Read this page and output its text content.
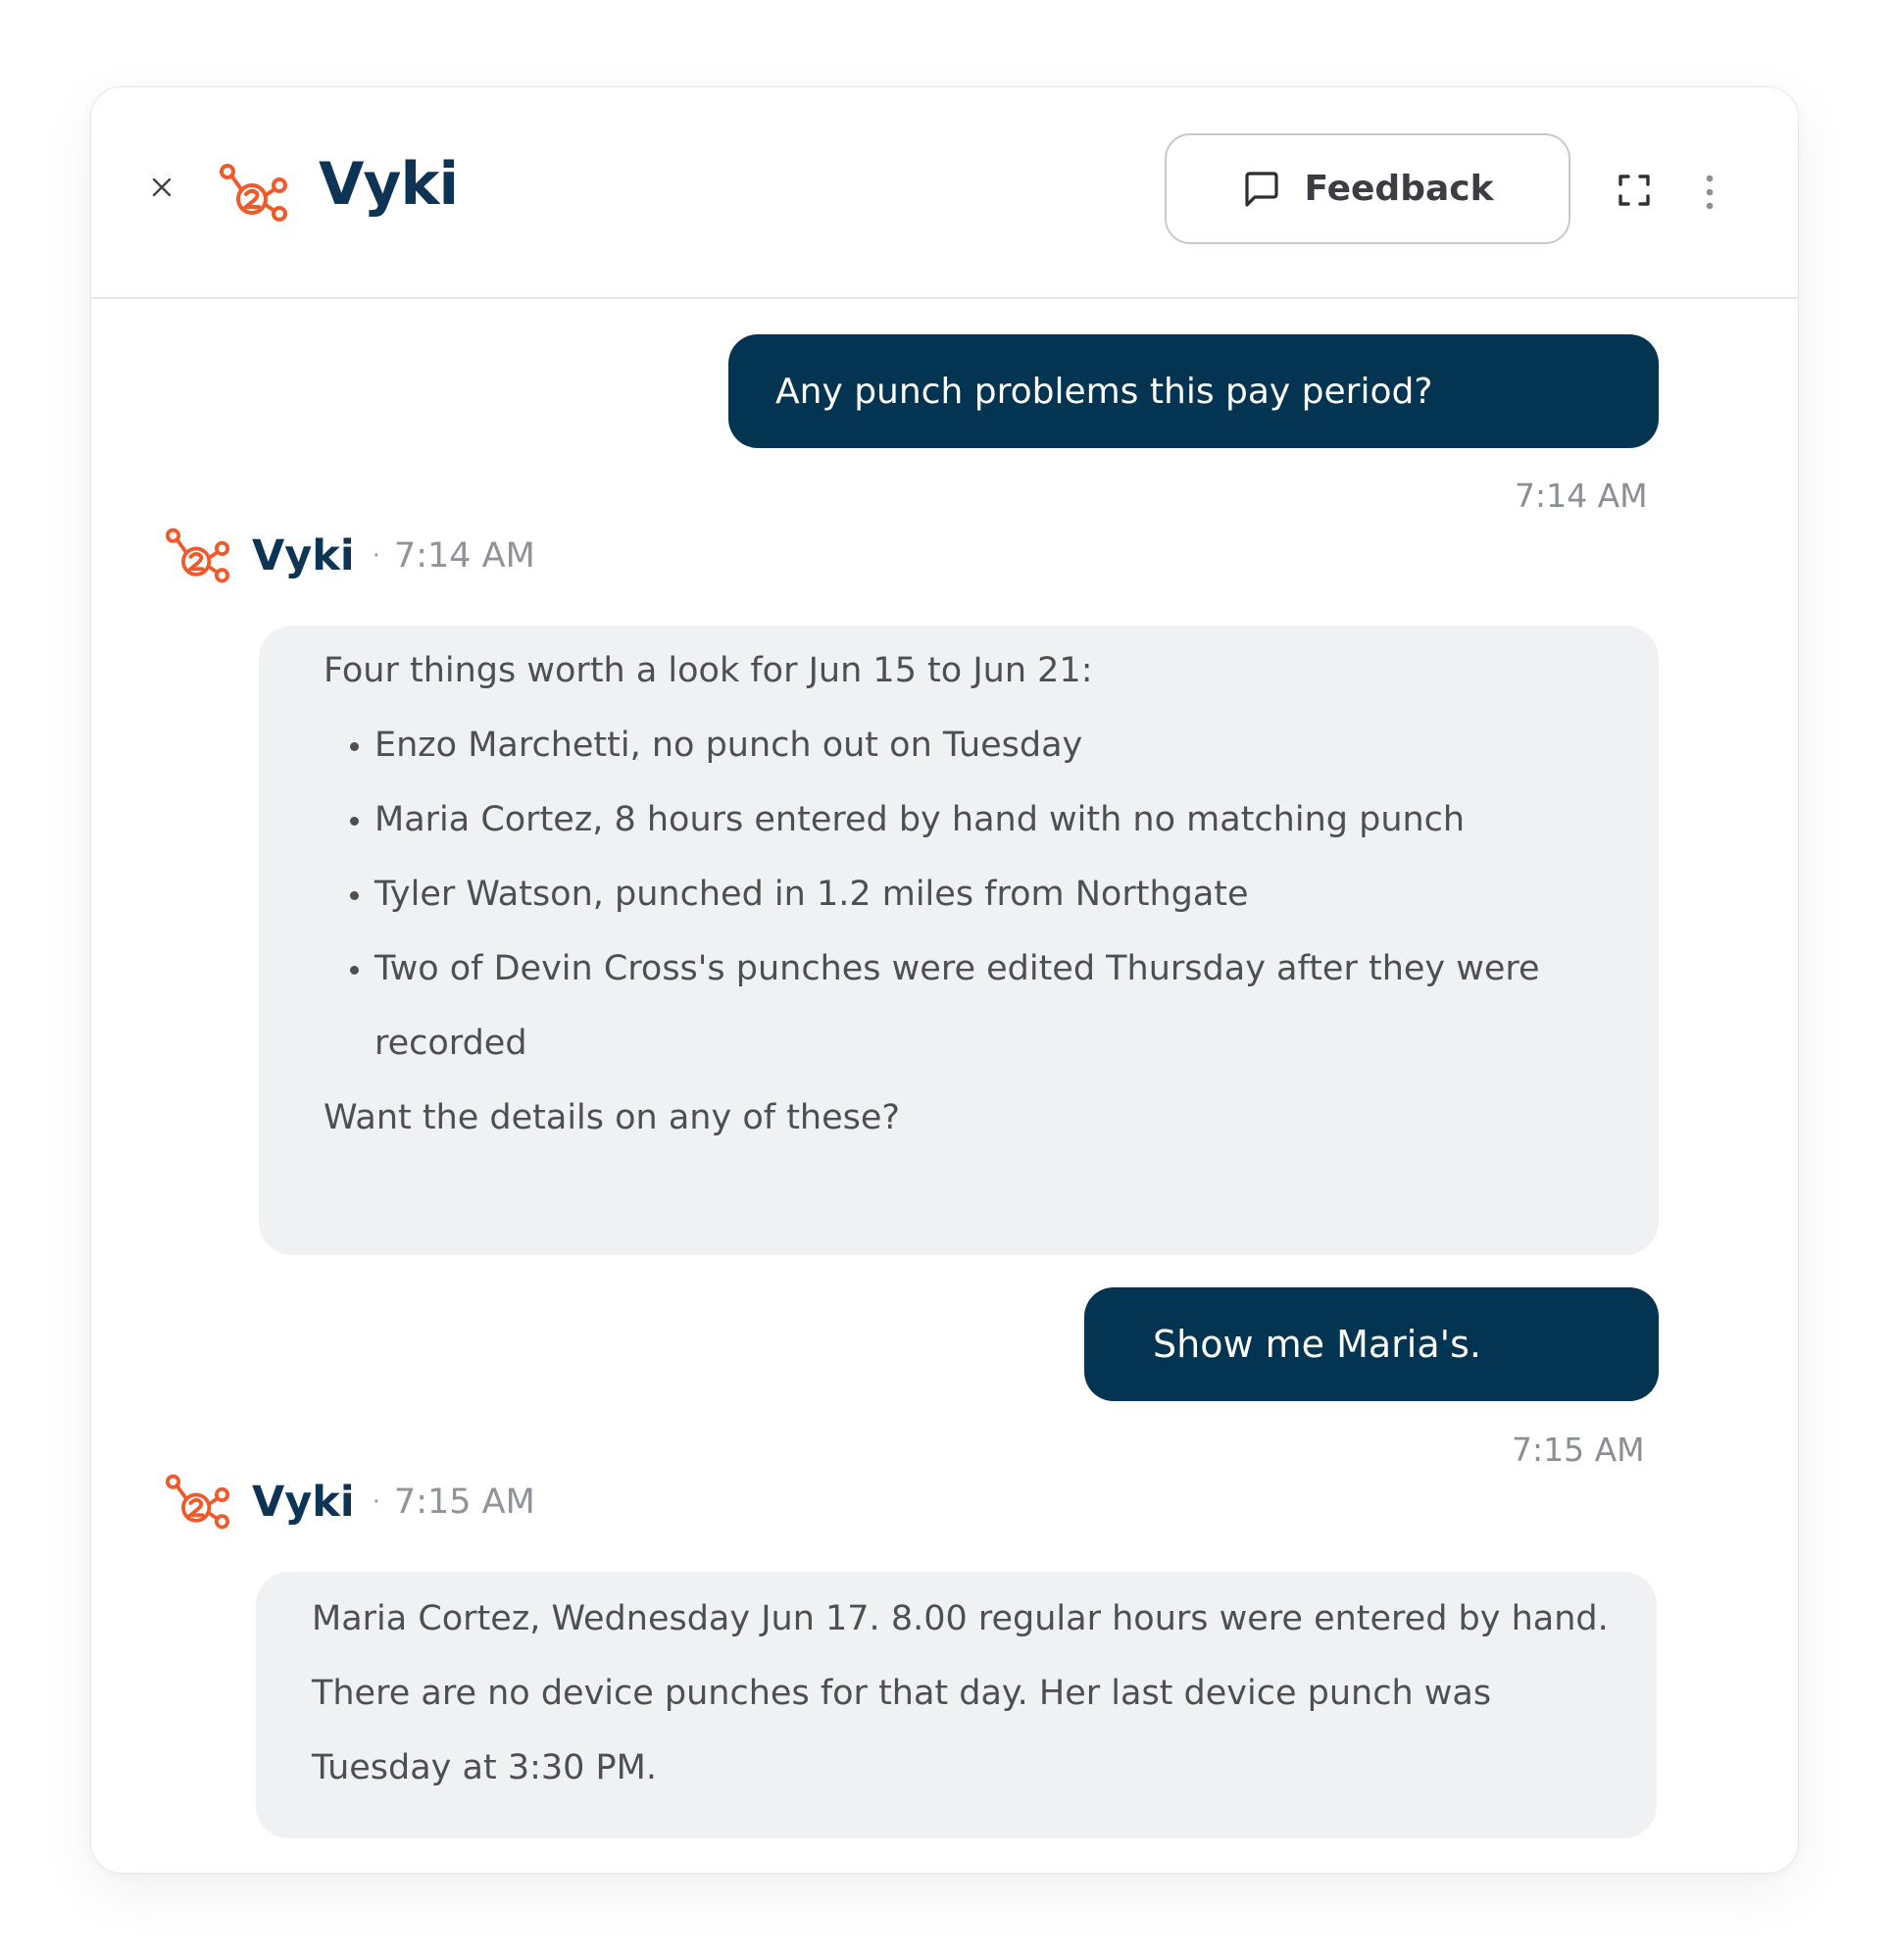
Vyki	Feedback
Any punch problems this pay period?
7:14 AM
Vyki · 7:14 AM

Four things worth a look for Jun 15 to Jun 21:

• Enzo Marchetti, no punch out on Tuesday
• Maria Cortez, 8 hours entered by hand with no matching punch
• Tyler Watson, punched in 1.2 miles from Northgate
• Two of Devin Cross's punches were edited Thursday after they were recorded

Want the details on any of these?

Show me Maria's.
7:15 AM
Vyki · 7:15 AM

Maria Cortez, Wednesday Jun 17. 8.00 regular hours were entered by hand. There are no device punches for that day. Her last device punch was Tuesday at 3:30 PM.
